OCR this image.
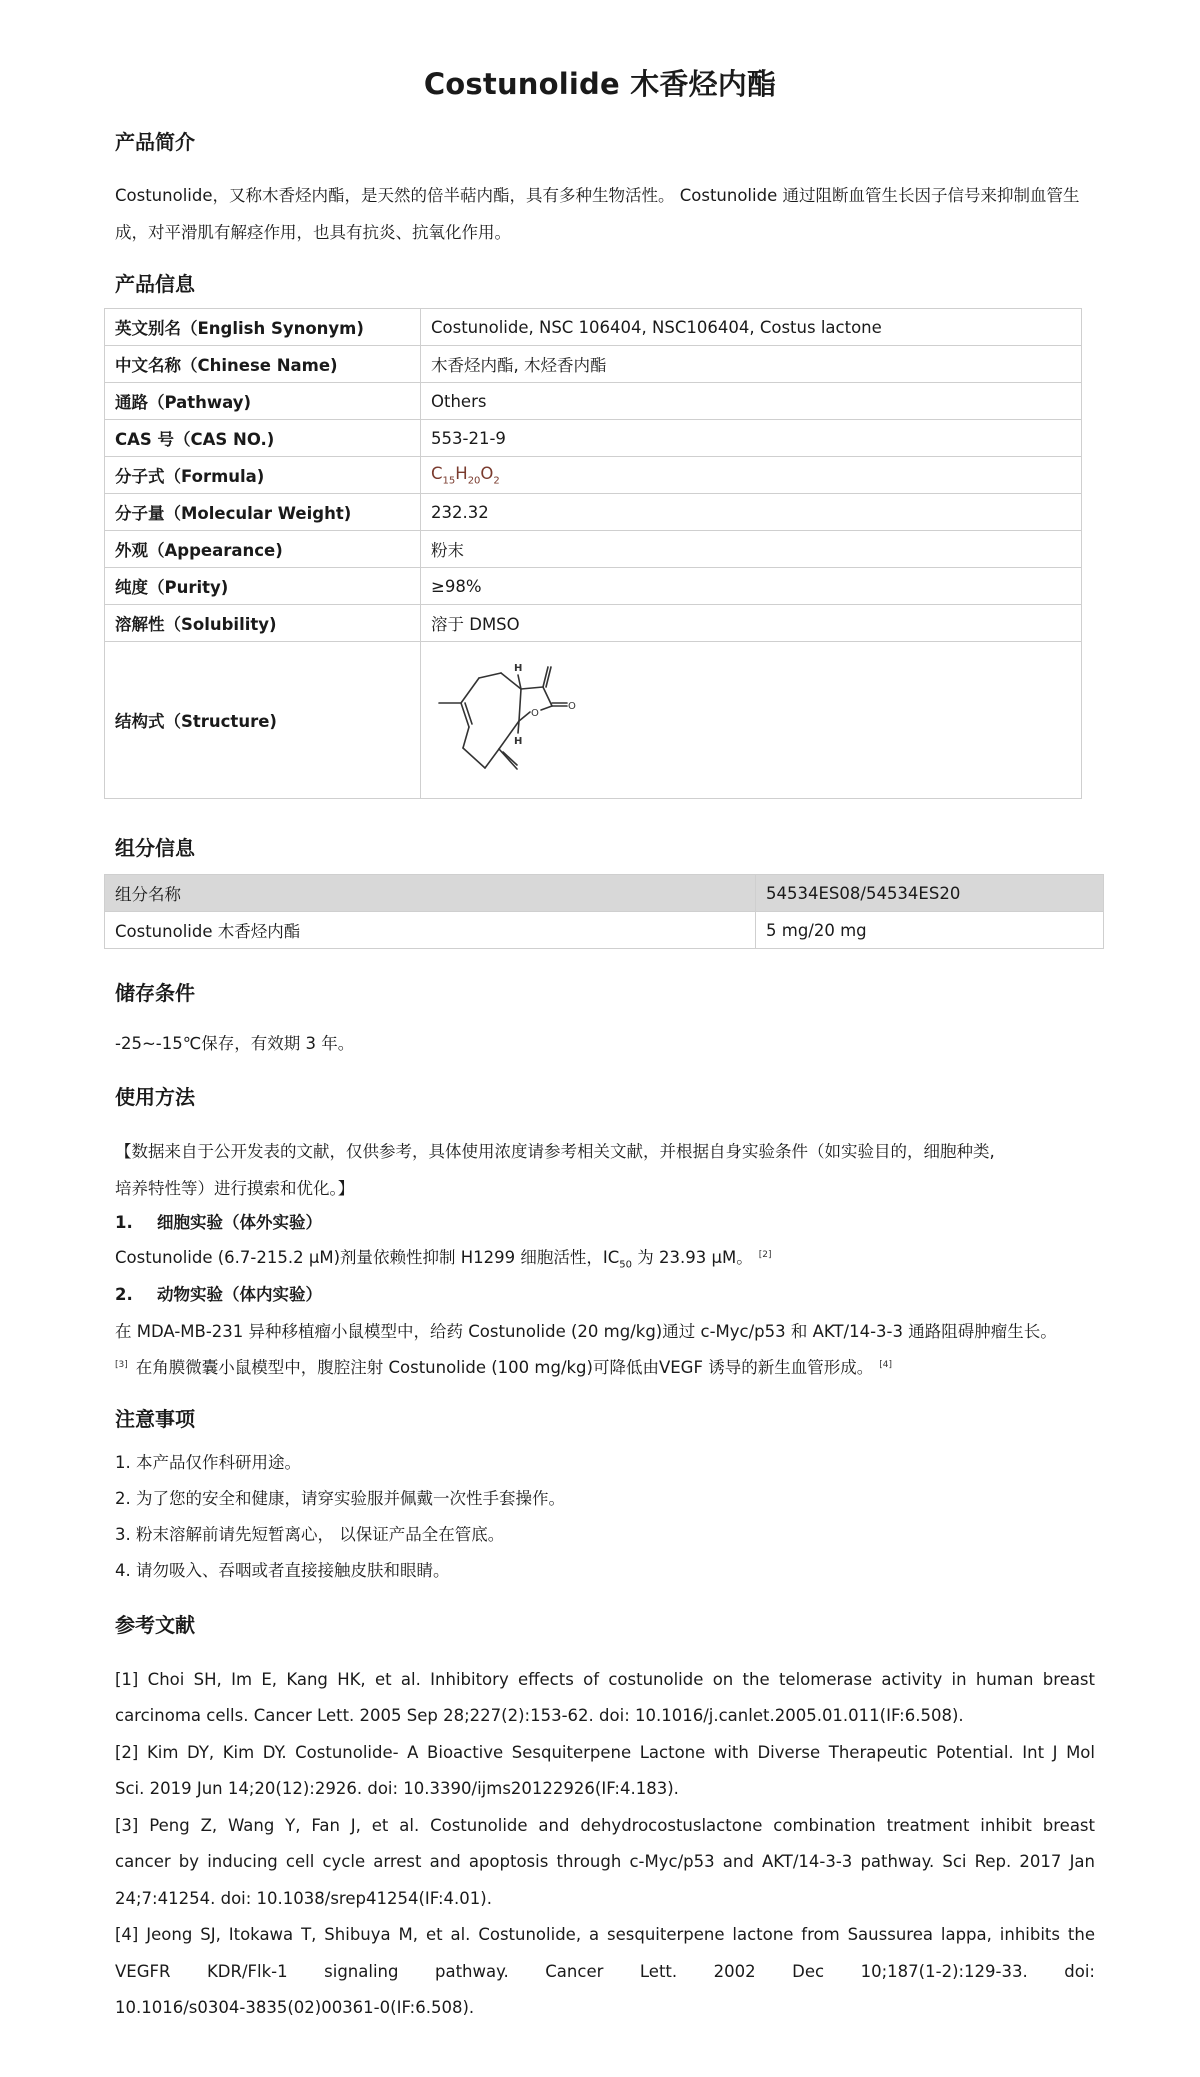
Costunolide 木香烃内酯
产品简介
Costunolide，又称木香烃内酯，是天然的倍半萜内酯，具有多种生物活性。 Costunolide 通过阻断血管生长因子信号来抑制血管生成，对平滑肌有解痉作用，也具有抗炎、抗氧化作用。
产品信息
英文别名（English Synonym)	Costunolide, NSC 106404, NSC106404, Costus lactone
中文名称（Chinese Name)	木香烃内酯, 木烃香内酯
通路（Pathway)	Others
CAS 号（CAS NO.)	553-21-9
分子式（Formula)	$C_{15}H_{20}O_2$
分子量（Molecular Weight)	232.32
外观（Appearance)	粉末
纯度（Purity)	≥98%
溶解性（Solubility)	溶于 DMSO
结构式（Structure)	H
H
O
O
组分信息
组分名称	54534ES08/54534ES20
Costunolide 木香烃内酯	5 mg/20 mg
储存条件
-25~-15℃保存，有效期 3 年。
使用方法
【数据来自于公开发表的文献，仅供参考，具体使用浓度请参考相关文献，并根据自身实验条件（如实验目的，细胞种类,
培养特性等）进行摸索和优化。】
1. 细胞实验（体外实验）
Costunolide (6.7-215.2 μM)剂量依赖性抑制 H1299 细胞活性，$IC_{50}$ 为 23.93 μM。 [2]
2. 动物实验（体内实验）
在 MDA-MB-231 异种移植瘤小鼠模型中，给药 Costunolide (20 mg/kg)通过 c-Myc/p53 和 AKT/14-3-3 通路阻碍肿瘤生长。
[3] 在角膜微囊小鼠模型中，腹腔注射 Costunolide (100 mg/kg)可降低由VEGF 诱导的新生血管形成。 [4]
注意事项
1. 本产品仅作科研用途。
2. 为了您的安全和健康，请穿实验服并佩戴一次性手套操作。
3. 粉末溶解前请先短暂离心， 以保证产品全在管底。
4. 请勿吸入、吞咽或者直接接触皮肤和眼睛。
参考文献
[1] Choi SH, Im E, Kang HK, et al. Inhibitory effects of costunolide on the telomerase activity in human breast
carcinoma cells. Cancer Lett. 2005 Sep 28;227(2):153-62. doi: 10.1016/j.canlet.2005.01.011(IF:6.508).
[2] Kim DY, Kim DY. Costunolide- A Bioactive Sesquiterpene Lactone with Diverse Therapeutic Potential. Int J Mol
Sci. 2019 Jun 14;20(12):2926. doi: 10.3390/ijms20122926(IF:4.183).
[3] Peng Z, Wang Y, Fan J, et al. Costunolide and dehydrocostuslactone combination treatment inhibit breast
cancer by inducing cell cycle arrest and apoptosis through c-Myc/p53 and AKT/14-3-3 pathway. Sci Rep. 2017 Jan
24;7:41254. doi: 10.1038/srep41254(IF:4.01).
[4] Jeong SJ, Itokawa T, Shibuya M, et al. Costunolide, a sesquiterpene lactone from Saussurea lappa, inhibits the
VEGFR KDR/Flk-1 signaling pathway. Cancer Lett. 2002 Dec 10;187(1-2):129-33. doi:
10.1016/s0304-3835(02)00361-0(IF:6.508).
